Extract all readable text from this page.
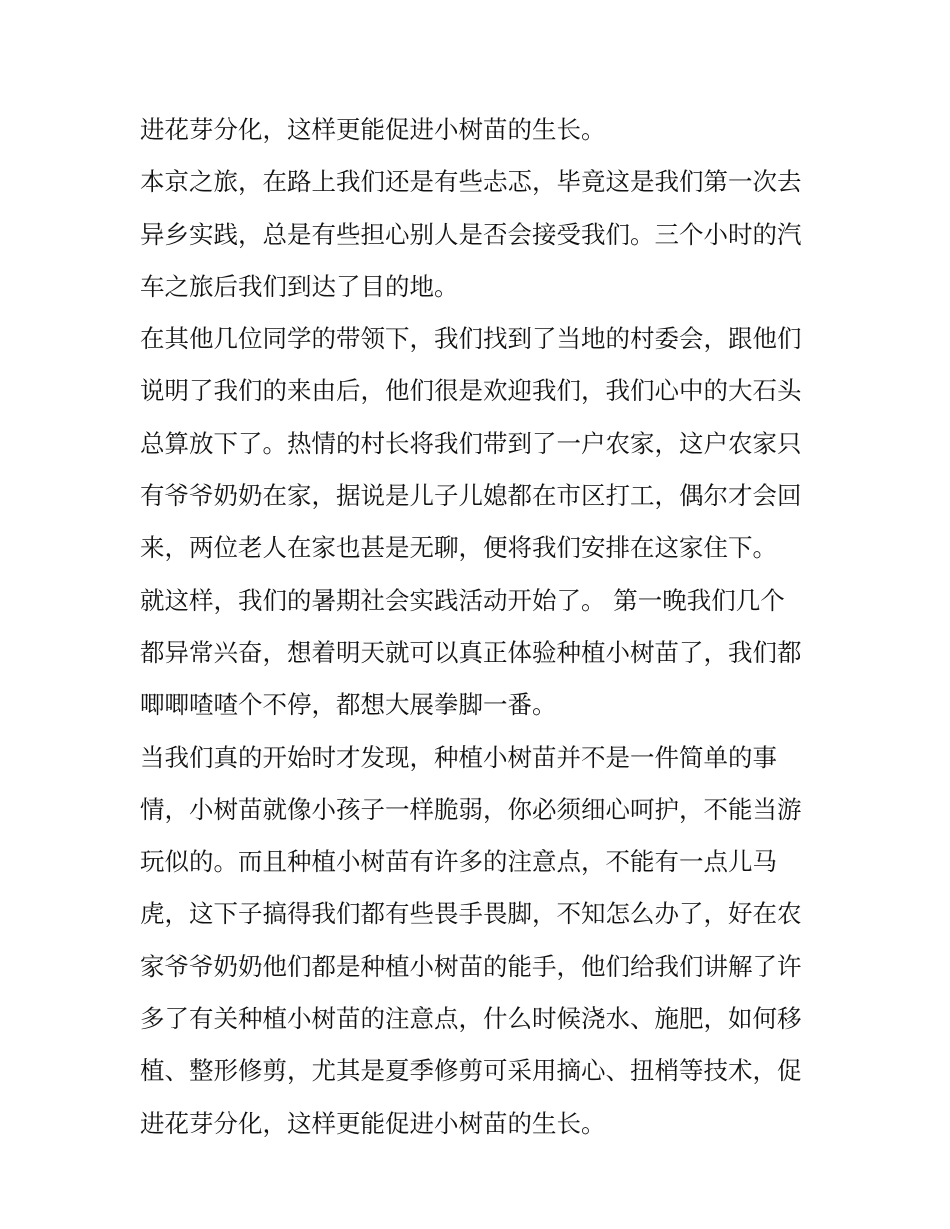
进花芽分化，这样更能促进小树苗的生长。
本京之旅，在路上我们还是有些忐忑，毕竟这是我们第一次去
异乡实践，总是有些担心别人是否会接受我们。三个小时的汽
车之旅后我们到达了目的地。
在其他几位同学的带领下，我们找到了当地的村委会，跟他们
说明了我们的来由后，他们很是欢迎我们，我们心中的大石头
总算放下了。热情的村长将我们带到了一户农家，这户农家只
有爷爷奶奶在家，据说是儿子儿媳都在市区打工，偶尔才会回
来，两位老人在家也甚是无聊，便将我们安排在这家住下。
就这样，我们的暑期社会实践活动开始了。 第一晚我们几个
都异常兴奋，想着明天就可以真正体验种植小树苗了，我们都
唧唧喳喳个不停，都想大展拳脚一番。
当我们真的开始时才发现，种植小树苗并不是一件简单的事
情，小树苗就像小孩子一样脆弱，你必须细心呵护，不能当游
玩似的。而且种植小树苗有许多的注意点，不能有一点儿马
虎，这下子搞得我们都有些畏手畏脚，不知怎么办了，好在农
家爷爷奶奶他们都是种植小树苗的能手，他们给我们讲解了许
多了有关种植小树苗的注意点，什么时候浇水、施肥，如何移
植、整形修剪，尤其是夏季修剪可采用摘心、扭梢等技术，促
进花芽分化，这样更能促进小树苗的生长。
